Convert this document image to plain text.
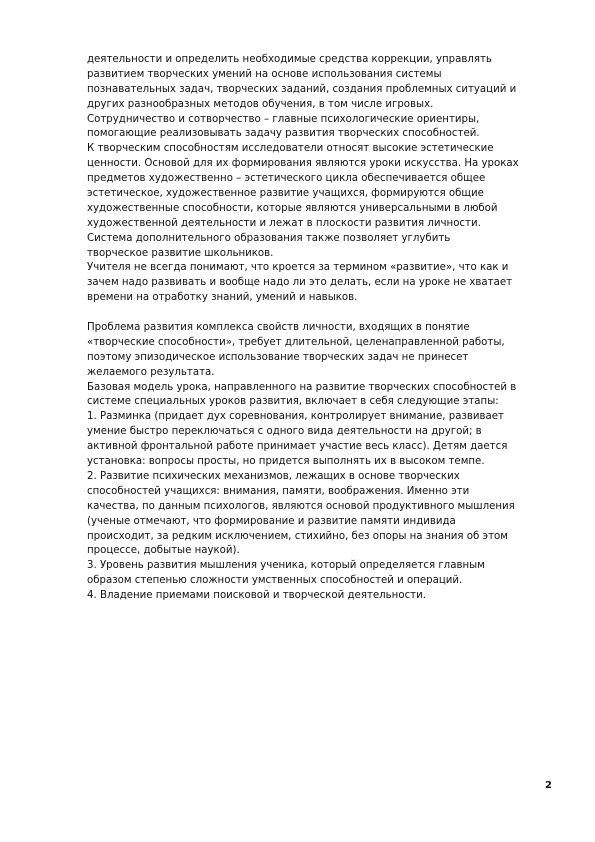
деятельности и определить необходимые средства коррекции, управлять
развитием творческих умений на основе использования системы
познавательных задач, творческих заданий, создания проблемных ситуаций и
других разнообразных методов обучения, в том числе игровых.
Сотрудничество и сотворчество – главные психологические ориентиры,
помогающие реализовывать задачу развития творческих способностей.
К творческим способностям исследователи относят высокие эстетические
ценности. Основой для их формирования являются уроки искусства. На уроках
предметов художественно – эстетического цикла обеспечивается общее
эстетическое, художественное развитие учащихся, формируются общие
художественные способности, которые являются универсальными в любой
художественной деятельности и лежат в плоскости развития личности.
Система дополнительного образования также позволяет углубить
творческое развитие школьников.
Учителя не всегда понимают, что кроется за термином «развитие», что как и
зачем надо развивать и вообще надо ли это делать, если на уроке не хватает
времени на отработку знаний, умений и навыков.
Проблема развития комплекса свойств личности, входящих в понятие
«творческие способности», требует длительной, целенаправленной работы,
поэтому эпизодическое использование творческих задач не принесет
желаемого результата.
Базовая модель урока, направленного на развитие творческих способностей в
системе специальных уроков развития, включает в себя следующие этапы:
1. Разминка (придает дух соревнования, контролирует внимание, развивает
умение быстро переключаться с одного вида деятельности на другой; в
активной фронтальной работе принимает участие весь класс). Детям дается
установка: вопросы просты, но придется выполнять их в высоком темпе.
2. Развитие психических механизмов, лежащих в основе творческих
способностей учащихся: внимания, памяти, воображения. Именно эти
качества, по данным психологов, являются основой продуктивного мышления
(ученые отмечают, что формирование и развитие памяти индивида
происходит, за редким исключением, стихийно, без опоры на знания об этом
процессе, добытые наукой).
3. Уровень развития мышления ученика, который определяется главным
образом степенью сложности умственных способностей и операций.
4. Владение приемами поисковой и творческой деятельности.
2
